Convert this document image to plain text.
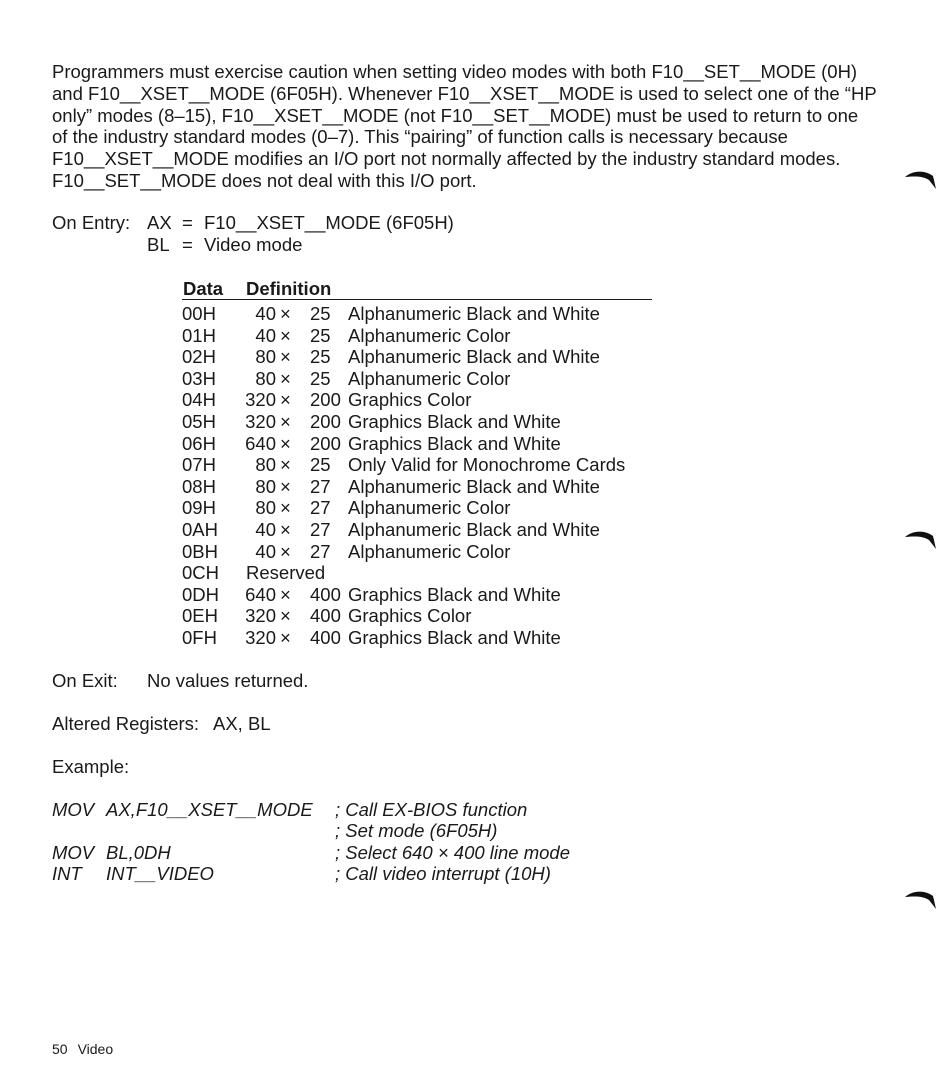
Programmers must exercise caution when setting video modes with both F10__SET__MODE (0H)
and F10__XSET__MODE (6F05H). Whenever F10__XSET__MODE is used to select one of the “HP
only” modes (8–15), F10__XSET__MODE (not F10__SET__MODE) must be used to return to one
of the industry standard modes (0–7). This “pairing” of function calls is necessary because
F10__XSET__MODE modifies an I/O port not normally affected by the industry standard modes.
F10__SET__MODE does not deal with this I/O port.

On Entry: AX = F10__XSET__MODE (6F05H)
BL = Video mode
Data Definition
00H	40 × 25 Alphanumeric Black and White
01H	40 × 25 Alphanumeric Color
02H	80 × 25 Alphanumeric Black and White
03H	80 × 25 Alphanumeric Color
04H	320 × 200 Graphics Color
05H	320 × 200 Graphics Black and White
06H	640 × 200 Graphics Black and White
07H	80 × 25 Only Valid for Monochrome Cards
08H	80 × 27 Alphanumeric Black and White
09H	80 × 27 Alphanumeric Color
0AH	40 × 27 Alphanumeric Black and White
0BH	40 × 27 Alphanumeric Color
0CH	Reserved
0DH	640 × 400 Graphics Black and White
0EH	320 × 400 Graphics Color
0FH	320 × 400 Graphics Black and White
On Exit: No values returned.
Altered Registers: AX, BL
Example:
MOV AX,F10__XSET__MODE ; Call EX-BIOS function
; Set mode (6F05H)
MOV BL,0DH	; Select 640 × 400 line mode
INT INT__VIDEO	; Call video interrupt (10H)
50 Video
